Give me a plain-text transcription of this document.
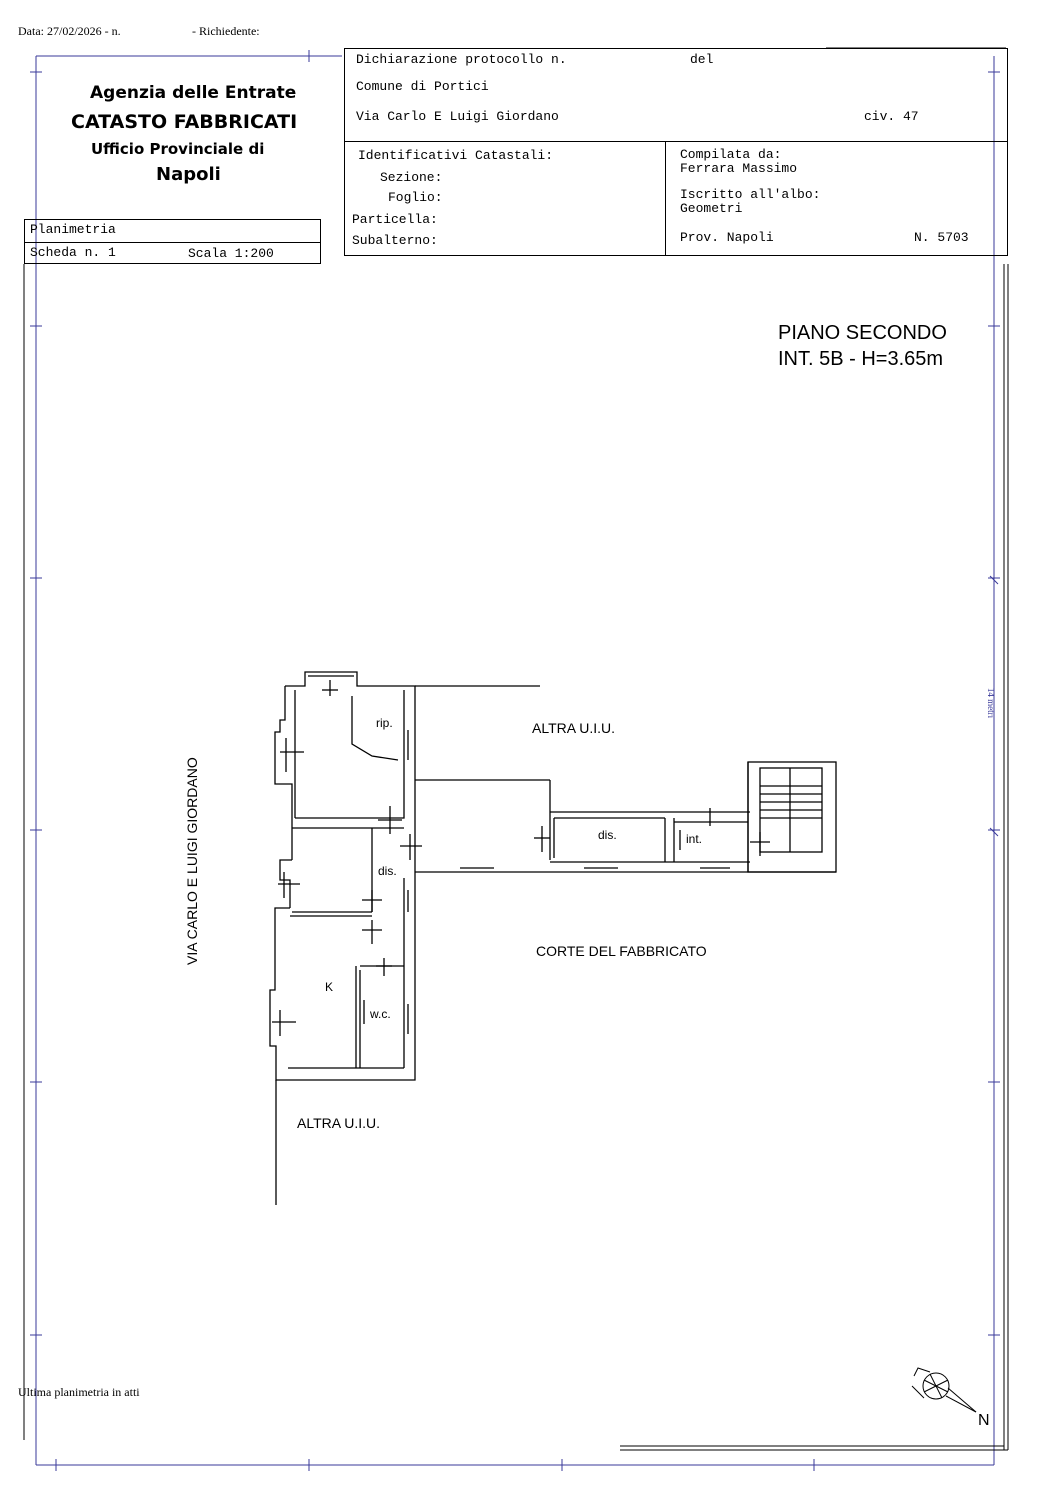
Data: 27/02/2026 - n.	- Richiedente:
Agenzia delle Entrate
CATASTO FABBRICATI
Ufficio Provinciale di
Napoli
Planimetria
Scheda n. 1	Scala 1:200
Dichiarazione protocollo n.	del
Comune di Portici
Via Carlo E Luigi Giordano	civ. 47
Identificativi Catastali:
Sezione:
Foglio:
Particella:
Subalterno:
Compilata da:
Ferrara Massimo
Iscritto all'albo:
Geometri
Prov. Napoli	N. 5703
PIANO SECONDO
INT. 5B - H=3.65m
ALTRA U.I.U.
CORTE DEL FABBRICATO
ALTRA U.I.U.
VIA CARLO E LUIGI GIORDANO
rip.
dis.
dis.	int.
K
w.c.
14 metri
Ultima planimetria in atti
N
